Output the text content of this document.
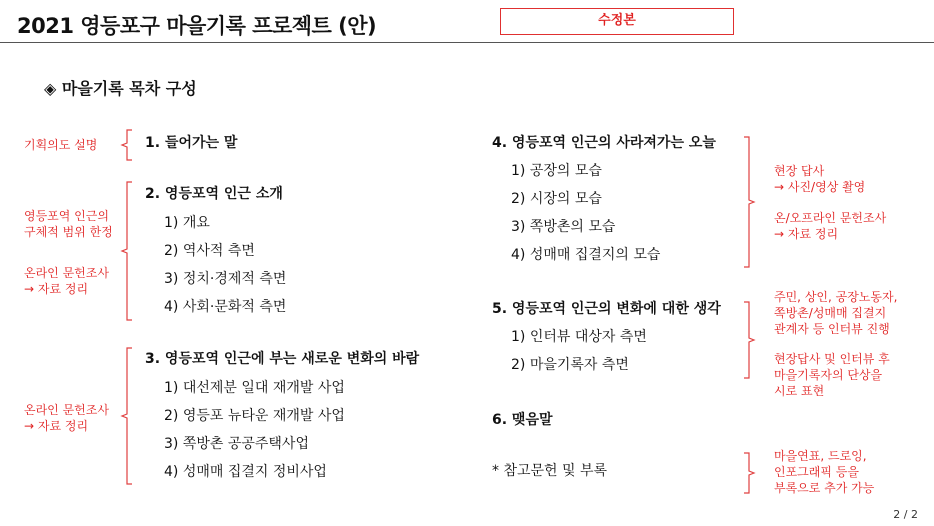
2021 영등포구 마을기록 프로젝트 (안)	수정본
◈ 마을기록 목차 구성
1. 들어가는 말
2. 영등포역 인근 소개
1) 개요
2) 역사적 측면
3) 정치·경제적 측면
4) 사회·문화적 측면
3. 영등포역 인근에 부는 새로운 변화의 바람
1) 대선제분 일대 재개발 사업
2) 영등포 뉴타운 재개발 사업
3) 쪽방촌 공공주택사업
4) 성매매 집결지 정비사업
기획의도 설명
영등포역 인근의
구체적 범위 한정
온라인 문헌조사
→ 자료 정리
온라인 문헌조사
→ 자료 정리
4. 영등포역 인근의 사라져가는 오늘
1) 공장의 모습
2) 시장의 모습
3) 쪽방촌의 모습
4) 성매매 집결지의 모습
5. 영등포역 인근의 변화에 대한 생각
1) 인터뷰 대상자 측면
2) 마을기록자 측면
6. 맺음말
* 참고문헌 및 부록
현장 답사
→ 사진/영상 촬영
온/오프라인 문헌조사
→ 자료 정리
주민, 상인, 공장노동자,
쪽방촌/성매매 집결지
관계자 등 인터뷰 진행
현장답사 및 인터뷰 후
마을기록자의 단상을
시로 표현
마을연표, 드로잉,
인포그래픽 등을
부록으로 추가 가능
2 / 2
